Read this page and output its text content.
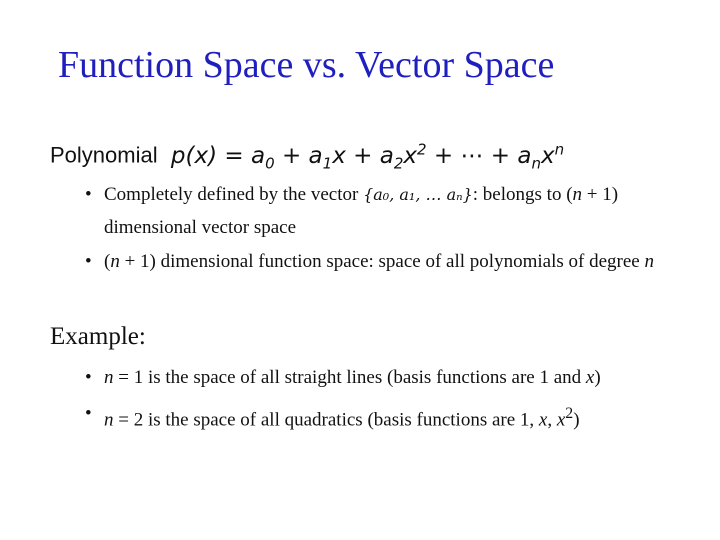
Function Space vs. Vector Space
Polynomial $p(x) = a_0 + a_1x + a_2x^2$ + ⋯ + $a_nx^n$
• Completely defined by the vector {a₀, a₁, … aₙ}: belongs to (n + 1) dimensional vector space
• (n + 1) dimensional function space: space of all polynomials of degree n
Example:
• n = 1 is the space of all straight lines (basis functions are 1 and x)
• n = 2 is the space of all quadratics (basis functions are 1, x, $x^2$)
